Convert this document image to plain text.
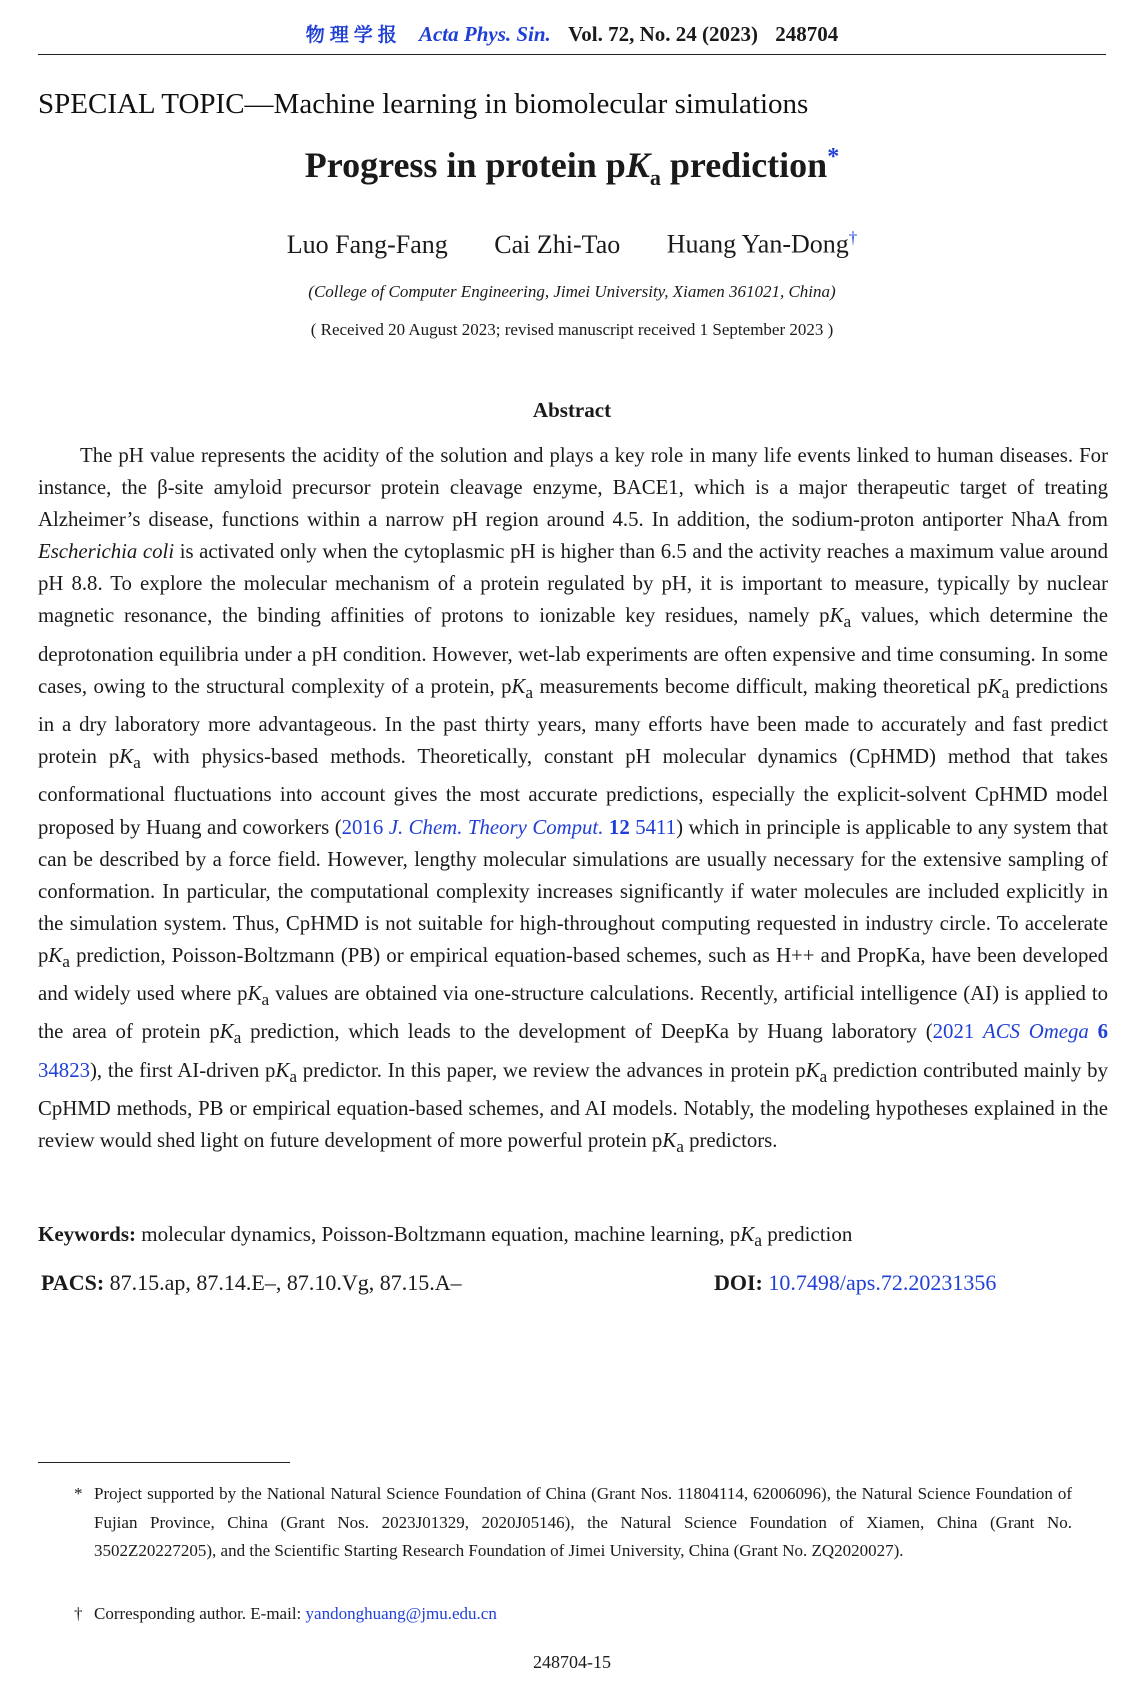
物理学报 Acta Phys. Sin. Vol. 72, No. 24 (2023) 248704
SPECIAL TOPIC—Machine learning in biomolecular simulations
Progress in protein $pK_a$ prediction*
Luo Fang-Fang Cai Zhi-Tao Huang Yan-Dong†
(College of Computer Engineering, Jimei University, Xiamen 361021, China)
( Received 20 August 2023; revised manuscript received 1 September 2023 )
Abstract

The pH value represents the acidity of the solution and plays a key role in many life events linked to human diseases. For instance, the β-site amyloid precursor protein cleavage enzyme, BACE1, which is a major therapeutic target of treating Alzheimer’s disease, functions within a narrow pH region around 4.5. In addition, the sodium-proton antiporter NhaA from Escherichia coli is activated only when the cytoplasmic pH is higher than 6.5 and the activity reaches a maximum value around pH 8.8. To explore the molecular mechanism of a protein regulated by pH, it is important to measure, typically by nuclear magnetic resonance, the binding affinities of protons to ionizable key residues, namely $pK_a$ values, which determine the deprotonation equilibria under a pH condition. However, wet-lab experiments are often expensive and time consuming. In some cases, owing to the structural complexity of a protein, $pK_a$ measurements become difficult, making theoretical $pK_a$ predictions in a dry laboratory more advantageous. In the past thirty years, many efforts have been made to accurately and fast predict protein $pK_a$ with physics-based methods. Theoretically, constant pH molecular dynamics (CpHMD) method that takes conformational fluctuations into account gives the most accurate predictions, especially the explicit-solvent CpHMD model proposed by Huang and coworkers (2016 J. Chem. Theory Comput. 12 5411) which in principle is applicable to any system that can be described by a force field. However, lengthy molecular simulations are usually necessary for the extensive sampling of conformation. In particular, the computational complexity increases significantly if water molecules are included explicitly in the simulation system. Thus, CpHMD is not suitable for high-throughout computing requested in industry circle. To accelerate $pK_a$ prediction, Poisson-Boltzmann (PB) or empirical equation-based schemes, such as H++ and PropKa, have been developed and widely used where $pK_a$ values are obtained via one-structure calculations. Recently, artificial intelligence (AI) is applied to the area of protein $pK_a$ prediction, which leads to the development of DeepKa by Huang laboratory (2021 ACS Omega 6 34823), the first AI-driven $pK_a$ predictor. In this paper, we review the advances in protein $pK_a$ prediction contributed mainly by CpHMD methods, PB or empirical equation-based schemes, and AI models. Notably, the modeling hypotheses explained in the review would shed light on future development of more powerful protein $pK_a$ predictors.

Keywords: molecular dynamics, Poisson-Boltzmann equation, machine learning, $pK_a$ prediction
PACS: 87.15.ap, 87.14.E–, 87.10.Vg, 87.15.A–	DOI: 10.7498/aps.72.20231356
* Project supported by the National Natural Science Foundation of China (Grant Nos. 11804114, 62006096), the Natural Science Foundation of Fujian Province, China (Grant Nos. 2023J01329, 2020J05146), the Natural Science Foundation of Xiamen, China (Grant No. 3502Z20227205), and the Scientific Starting Research Foundation of Jimei University, China (Grant No. ZQ2020027).
† Corresponding author. E-mail: yandonghuang@jmu.edu.cn
248704-15
